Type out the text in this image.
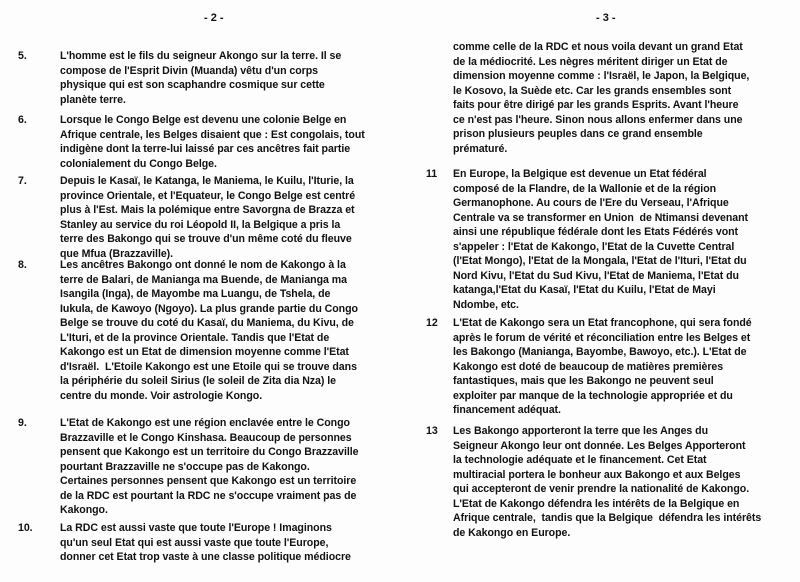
- 2 -
5.	L'homme est le fils du seigneur Akongo sur la terre. Il se
compose de l'Esprit Divin (Muanda) vêtu d'un corps
physique qui est son scaphandre cosmique sur cette
planète terre.
6.	Lorsque le Congo Belge est devenu une colonie Belge en
Afrique centrale, les Belges disaient que : Est congolais, tout
indigène dont la terre-lui laissé par ces ancêtres fait partie
colonialement du Congo Belge.
7.	Depuis le Kasaï, le Katanga, le Maniema, le Kuilu, l'Iturie, la
province Orientale, et l'Equateur, le Congo Belge est centré
plus à l'Est. Mais la polémique entre Savorgna de Brazza et
Stanley au service du roi Léopold II, la Belgique a pris la
terre des Bakongo qui se trouve d'un même coté du fleuve
que Mfua (Brazzaville).
8.	Les ancêtres Bakongo ont donné le nom de Kakongo à la
terre de Balari, de Maniangа ma Buende, de Maniangа ma
Isangila (Inga), de Mayombe ma Luangu, de Tshela, de
Iukula, de Kawoyo (Ngoyo). La plus grande partie du Congo
Belge se trouve du coté du Kasaï, du Maniema, du Kivu, de
L'Ituri, et de la province Orientale. Tandis que l'Etat de
Kakongo est un Etat de dimension moyenne comme l'Etat
d'Israël.  L'Etoile Kakongo est une Etoile qui se trouve dans
la périphérie du soleil Sirius (le soleil de Zita dia Nza) le
centre du monde. Voir astrologie Kongo.
9.	L'Etat de Kakongo est une région enclavée entre le Congo
Brazzaville et le Congo Kinshasa. Beaucoup de personnes
pensent que Kakongo est un territoire du Congo Brazzaville
pourtant Brazzaville ne s'occupe pas de Kakongo.
Certaines personnes pensent que Kakongo est un territoire
de la RDC est pourtant la RDC ne s'occupe vraiment pas de
Kakongo.
10.	La RDC est aussi vaste que toute l'Europe ! Imaginons
qu'un seul Etat qui est aussi vaste que toute l'Europe,
donner cet Etat trop vaste à une classe politique médiocre
- 3 -
comme celle de la RDC et nous voila devant un grand Etat
de la médiocrité. Les nègres méritent diriger un Etat de
dimension moyenne comme : l'Israël, le Japon, la Belgique,
le Kosovo, la Suède etc. Car les grands ensembles sont
faits pour être dirigé par les grands Esprits. Avant l'heure
ce n'est pas l'heure. Sinon nous allons enfermer dans une
prison plusieurs peuples dans ce grand ensemble
prématuré.
11 En Europe, la Belgique est devenue un Etat fédéral
composé de la Flandre, de la Wallonie et de la région
Germanophone. Au cours de l'Ere du Verseau, l'Afrique
Centrale va se transformer en Union  de Ntimansi devenant
ainsi une république fédérale dont les Etats Fédérés vont
s'appeler : l'Etat de Kakongo, l'Etat de la Cuvette Central
(l'Etat Mongo), l'Etat de la Mongala, l'Etat de l'Ituri, l'Etat du
Nord Kivu, l'Etat du Sud Kivu, l'Etat de Maniema, l'Etat du
katanga,l'Etat du Kasaï, l'Etat du Kuilu, l'Etat de Mayi
Ndombe, etc.
12 L'Etat de Kakongo sera un Etat francophone, qui sera fondé
après le forum de vérité et réconciliation entre les Belges et
les Bakongo (Maniangа, Bayombe, Bawoyo, etc.). L'Etat de
Kakongo est doté de beaucoup de matières premières
fantastiques, mais que les Bakongo ne peuvent seul
exploiter par manque de la technologie appropriée et du
financement adéquat.
13 Les Bakongo apporteront la terre que les Anges du
Seigneur Akongo leur ont donnée. Les Belges Apporteront
la technologie adéquate et le financement. Cet Etat
multiracial portera le bonheur aux Bakongo et aux Belges
qui accepteront de venir prendre la nationalité de Kakongo.
L'Etat de Kakongo défendra les intérêts de la Belgique en
Afrique centrale,  tandis que la Belgique  défendra les intérêts
de Kakongo en Europe.
